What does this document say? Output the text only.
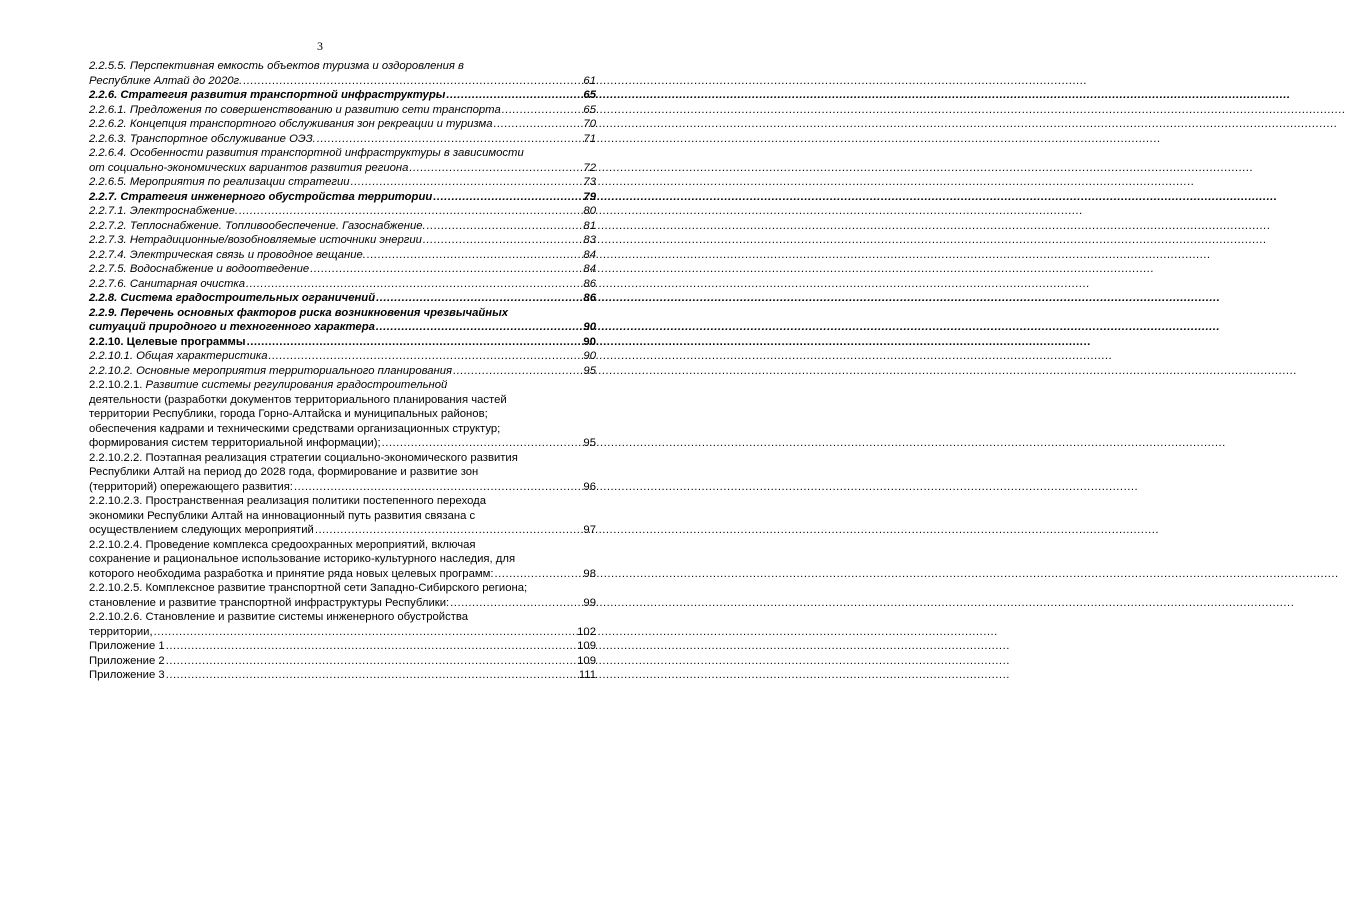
3
2.2.5.5. Перспективная емкость объектов туризма и оздоровления в
Республике Алтай до 2020г. .....	61
2.2.6. Стратегия развития транспортной инфраструктуры .....	65
2.2.6.1. Предложения по совершенствованию и развитию сети транспорта .....	65
2.2.6.2. Концепция транспортного обслуживания зон рекреации и туризма .....	70
2.2.6.3. Транспортное обслуживание ОЭЗ. .....	71
2.2.6.4. Особенности развития транспортной инфраструктуры в зависимости
от социально-экономических вариантов развития региона .....	72
2.2.6.5. Мероприятия по реализации стратегии .....	73
2.2.7. Стратегия инженерного обустройства территории .....	79
2.2.7.1. Электроснабжение. .....	80
2.2.7.2. Теплоснабжение. Топливообеспечение. Газоснабжение. .....	81
2.2.7.3. Нетрадиционные/возобновляемые источники энергии .....	83
2.2.7.4. Электрическая связь и проводное вещание. .....	84
2.2.7.5. Водоснабжение и водоотведение .....	84
2.2.7.6. Санитарная очистка .....	86
2.2.8. Система градостроительных ограничений .....	86
2.2.9. Перечень основных факторов риска возникновения чрезвычайных
ситуаций природного и техногенного характера .....	90
2.2.10. Целевые программы .....	90
2.2.10.1. Общая характеристика .....	90
2.2.10.2. Основные мероприятия территориального планирования .....	95
2.2.10.2.1. Развитие системы регулирования градостроительной
деятельности (разработки документов территориального планирования частей
территории Республики, города Горно-Алтайска и муниципальных районов;
обеспечения кадрами и техническими средствами организационных структур;
формирования систем территориальной информации); .....	95
2.2.10.2.2. Поэтапная реализация стратегии социально-экономического развития
Республики Алтай на период до 2028 года, формирование и развитие зон
(территорий) опережающего развития: .....	96
2.2.10.2.3. Пространственная реализация политики постепенного перехода
экономики Республики Алтай на инновационный путь развития связана с
осуществлением следующих мероприятий .....	97
2.2.10.2.4. Проведение комплекса средоохранных мероприятий, включая
сохранение и рациональное использование историко-культурного наследия, для
которого необходима разработка и принятие ряда новых целевых программ: .....	98
2.2.10.2.5. Комплексное развитие транспортной сети Западно-Сибирского региона;
становление и развитие транспортной инфраструктуры Республики: .....	99
2.2.10.2.6. Становление и развитие системы инженерного обустройства
территории, .....	102
Приложение 1 .....	109
Приложение 2 .....	109
Приложение 3 .....	111
